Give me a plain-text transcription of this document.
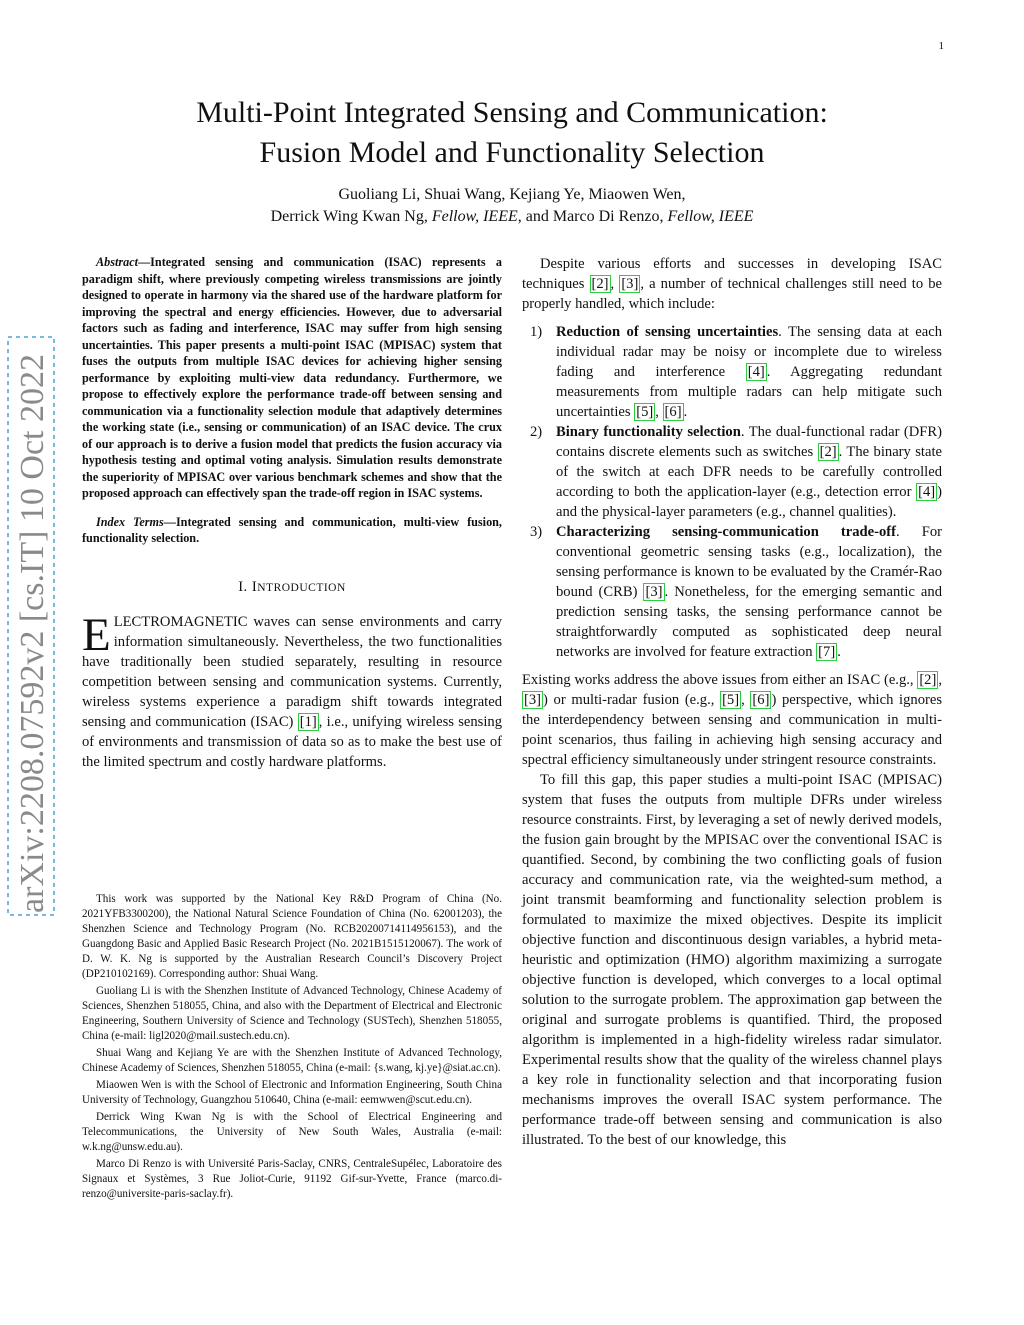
1
arXiv:2208.07592v2 [cs.IT] 10 Oct 2022
Multi-Point Integrated Sensing and Communication:
Fusion Model and Functionality Selection
Guoliang Li, Shuai Wang, Kejiang Ye, Miaowen Wen,
Derrick Wing Kwan Ng, Fellow, IEEE, and Marco Di Renzo, Fellow, IEEE
Abstract—Integrated sensing and communication (ISAC) represents a paradigm shift, where previously competing wireless transmissions are jointly designed to operate in harmony via the shared use of the hardware platform for improving the spectral and energy efficiencies. However, due to adversarial factors such as fading and interference, ISAC may suffer from high sensing uncertainties. This paper presents a multi-point ISAC (MPISAC) system that fuses the outputs from multiple ISAC devices for achieving higher sensing performance by exploiting multi-view data redundancy. Furthermore, we propose to effectively explore the performance trade-off between sensing and communication via a functionality selection module that adaptively determines the working state (i.e., sensing or communication) of an ISAC device. The crux of our approach is to derive a fusion model that predicts the fusion accuracy via hypothesis testing and optimal voting analysis. Simulation results demonstrate the superiority of MPISAC over various benchmark schemes and show that the proposed approach can effectively span the trade-off region in ISAC systems.
Index Terms—Integrated sensing and communication, multi-view fusion, functionality selection.
I. INTRODUCTION

ELECTROMAGNETIC waves can sense environments and carry information simultaneously. Nevertheless, the two functionalities have traditionally been studied separately, resulting in resource competition between sensing and communication systems. Currently, wireless systems experience a paradigm shift towards integrated sensing and communication (ISAC) [1] , i.e., unifying wireless sensing of environments and transmission of data so as to make the best use of the limited spectrum and costly hardware platforms.

This work was supported by the National Key R&D Program of China (No. 2021YFB3300200), the National Natural Science Foundation of China (No. 62001203), the Shenzhen Science and Technology Program (No. RCB20200714114956153), and the Guangdong Basic and Applied Basic Research Project (No. 2021B1515120067). The work of D. W. K. Ng is supported by the Australian Research Council’s Discovery Project (DP210102169). Corresponding author: Shuai Wang.

Guoliang Li is with the Shenzhen Institute of Advanced Technology, Chinese Academy of Sciences, Shenzhen 518055, China, and also with the Department of Electrical and Electronic Engineering, Southern University of Science and Technology (SUSTech), Shenzhen 518055, China (e-mail: ligl2020@mail.sustech.edu.cn).

Shuai Wang and Kejiang Ye are with the Shenzhen Institute of Advanced Technology, Chinese Academy of Sciences, Shenzhen 518055, China (e-mail: {s.wang, kj.ye}@siat.ac.cn).

Miaowen Wen is with the School of Electronic and Information Engineering, South China University of Technology, Guangzhou 510640, China (e-mail: eemwwen@scut.edu.cn).

Derrick Wing Kwan Ng is with the School of Electrical Engineering and Telecommunications, the University of New South Wales, Australia (e-mail: w.k.ng@unsw.edu.au).

Marco Di Renzo is with Université Paris-Saclay, CNRS, CentraleSupélec, Laboratoire des Signaux et Systèmes, 3 Rue Joliot-Curie, 91192 Gif-sur-Yvette, France (marco.di-renzo@universite-paris-saclay.fr).

Despite various efforts and successes in developing ISAC techniques [2] , [3] , a number of technical challenges still need to be properly handled, which include:

1) Reduction of sensing uncertainties. The sensing data at each individual radar may be noisy or incomplete due to wireless fading and interference [4] . Aggregating redundant measurements from multiple radars can help mitigate such uncertainties [5] , [6] .
2) Binary functionality selection. The dual-functional radar (DFR) contains discrete elements such as switches [2] . The binary state of the switch at each DFR needs to be carefully controlled according to both the application-layer (e.g., detection error [4] ) and the physical-layer parameters (e.g., channel qualities).
3) Characterizing sensing-communication trade-off. For conventional geometric sensing tasks (e.g., localization), the sensing performance is known to be evaluated by the Cramér-Rao bound (CRB) [3] . Nonetheless, for the emerging semantic and prediction sensing tasks, the sensing performance cannot be straightforwardly computed as sophisticated deep neural networks are involved for feature extraction [7] .

Existing works address the above issues from either an ISAC (e.g., [2] , [3] ) or multi-radar fusion (e.g., [5] , [6] ) perspective, which ignores the interdependency between sensing and communication in multi-point scenarios, thus failing in achieving high sensing accuracy and spectral efficiency simultaneously under stringent resource constraints.

To fill this gap, this paper studies a multi-point ISAC (MPISAC) system that fuses the outputs from multiple DFRs under wireless resource constraints. First, by leveraging a set of newly derived models, the fusion gain brought by the MPISAC over the conventional ISAC is quantified. Second, by combining the two conflicting goals of fusion accuracy and communication rate, via the weighted-sum method, a joint transmit beamforming and functionality selection problem is formulated to maximize the mixed objectives. Despite its implicit objective function and discontinuous design variables, a hybrid meta-heuristic and optimization (HMO) algorithm maximizing a surrogate objective function is developed, which converges to a local optimal solution to the surrogate problem. The approximation gap between the original and surrogate problems is quantified. Third, the proposed algorithm is implemented in a high-fidelity wireless radar simulator. Experimental results show that the quality of the wireless channel plays a key role in functionality selection and that incorporating fusion mechanisms improves the overall ISAC system performance. The performance trade-off between sensing and communication is also illustrated. To the best of our knowledge, this
